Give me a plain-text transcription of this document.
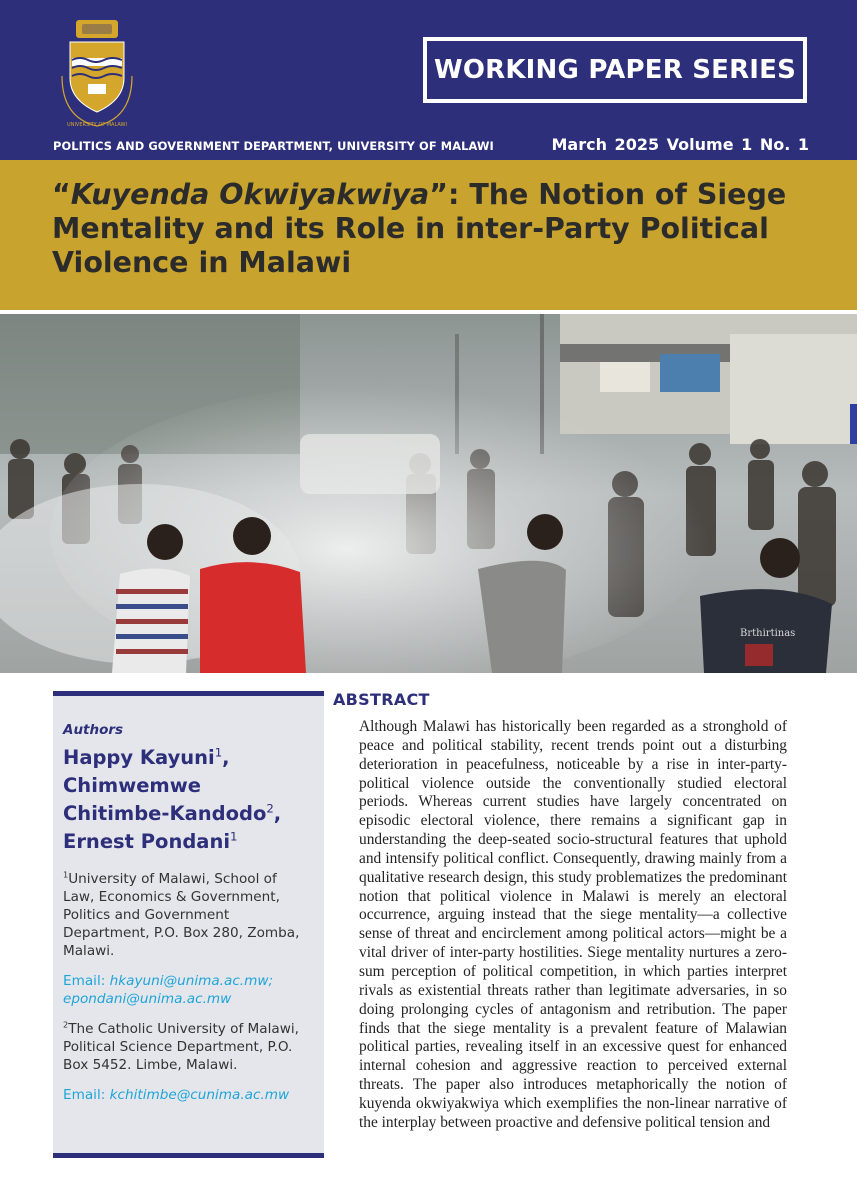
UNIVERSITY OF MALAWI
WORKING PAPER SERIES
POLITICS AND GOVERNMENT DEPARTMENT, UNIVERSITY OF MALAWI	March 2025 Volume 1 No. 1
“Kuyenda Okwiyakwiya”: The Notion of Siege Mentality and its Role in inter-Party Political Violence in Malawi
Brthirtinas

Authors

Happy Kayuni$^1$,
Chimwemwe Chitimbe-Kandodo$^2$,
Ernest Pondani$^1$

$^1$University of Malawi, School of Law, Economics & Government, Politics and Government Department, P.O. Box 280, Zomba, Malawi.

Email: hkayuni@unima.ac.mw; epondani@unima.ac.mw

$^2$The Catholic University of Malawi, Political Science Department, P.O. Box 5452. Limbe, Malawi.

Email: kchitimbe@cunima.ac.mw

ABSTRACT

Although Malawi has historically been regarded as a stronghold of peace and political stability, recent trends point out a disturbing deterioration in peacefulness, noticeable by a rise in inter-party-political violence outside the conventionally studied electoral periods. Whereas current studies have largely concentrated on episodic electoral violence, there remains a significant gap in understanding the deep-seated socio-structural features that uphold and intensify political conflict. Consequently, drawing mainly from a qualitative research design, this study problematizes the predominant notion that political violence in Malawi is merely an electoral occurrence, arguing instead that the siege mentality—a collective sense of threat and encirclement among political actors—might be a vital driver of inter-party hostilities. Siege mentality nurtures a zero-sum perception of political competition, in which parties interpret rivals as existential threats rather than legitimate adversaries, in so doing prolonging cycles of antagonism and retribution. The paper finds that the siege mentality is a prevalent feature of Malawian political parties, revealing itself in an excessive quest for enhanced internal cohesion and aggressive reaction to perceived external threats. The paper also introduces metaphorically the notion of kuyenda okwiyakwiya which exemplifies the non-linear narrative of the interplay between proactive and defensive political tension and
